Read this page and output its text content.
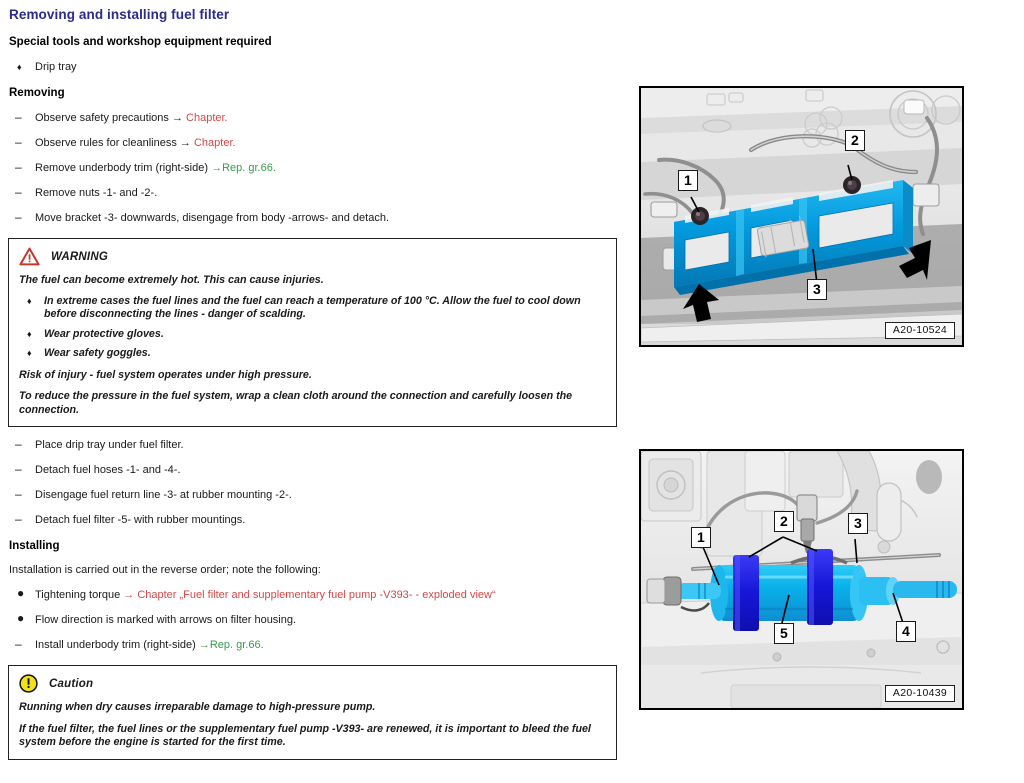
Removing and installing fuel filter
Special tools and workshop equipment required
♦ Drip tray
Removing
– Observe safety precautions → Chapter.
– Observe rules for cleanliness → Chapter.
– Remove underbody trim (right-side) →Rep. gr.66.
– Remove nuts -1- and -2-.
– Move bracket -3- downwards, disengage from body -arrows- and detach.
WARNING
The fuel can become extremely hot. This can cause injuries.
♦ In extreme cases the fuel lines and the fuel can reach a temperature of 100 °C. Allow the fuel to cool down before disconnecting the lines - danger of scalding.
♦ Wear protective gloves.
♦ Wear safety goggles.
Risk of injury - fuel system operates under high pressure.
To reduce the pressure in the fuel system, wrap a clean cloth around the connection and carefully loosen the connection.
– Place drip tray under fuel filter.
– Detach fuel hoses -1- and -4-.
– Disengage fuel return line -3- at rubber mounting -2-.
– Detach fuel filter -5- with rubber mountings.
Installing
Installation is carried out in the reverse order; note the following:
● Tightening torque → Chapter „Fuel filter and supplementary fuel pump -V393- - exploded view“
● Flow direction is marked with arrows on filter housing.
– Install underbody trim (right-side) →Rep. gr.66.
Caution
Running when dry causes irreparable damage to high-pressure pump.
If the fuel filter, the fuel lines or the supplementary fuel pump -V393- are renewed, it is important to bleed the fuel system before the engine is started for the first time.
1
2
3
A20-10524
1
2	3
4
5
A20-10439
